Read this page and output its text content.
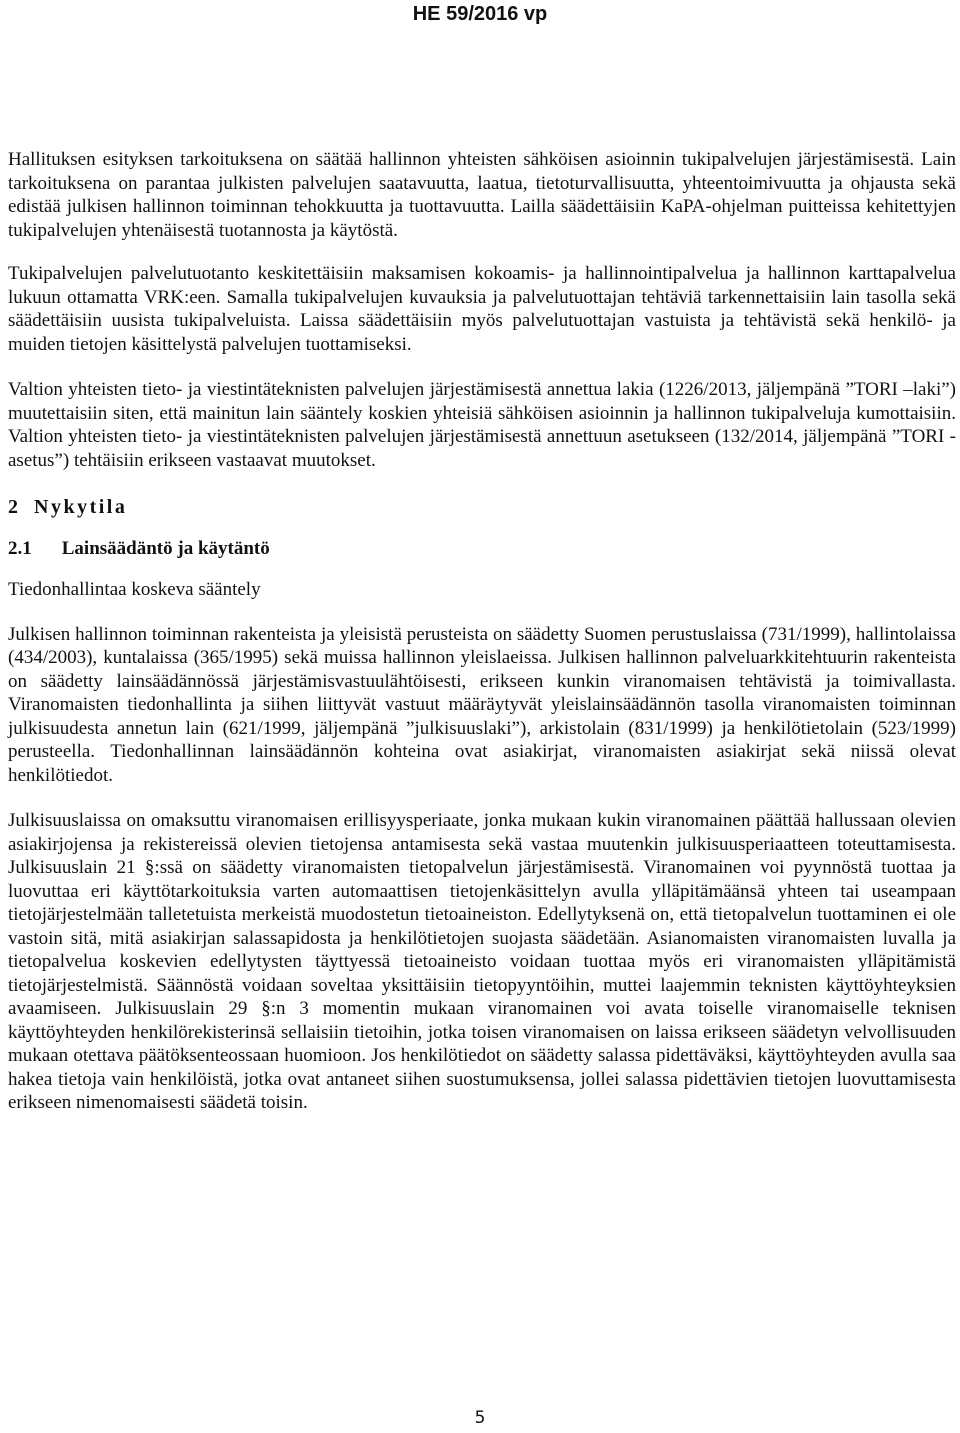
HE 59/2016 vp

Hallituksen esityksen tarkoituksena on säätää hallinnon yhteisten sähköisen asioinnin tukipalvelujen järjestämisestä. Lain tarkoituksena on parantaa julkisten palvelujen saatavuutta, laatua, tietoturvallisuutta, yhteentoimivuutta ja ohjausta sekä edistää julkisen hallinnon toiminnan tehokkuutta ja tuottavuutta. Lailla säädettäisiin KaPA-ohjelman puitteissa kehitettyjen tukipalvelujen yhtenäisestä tuotannosta ja käytöstä.

Tukipalvelujen palvelutuotanto keskitettäisiin maksamisen kokoamis- ja hallinnointipalvelua ja hallinnon karttapalvelua lukuun ottamatta VRK:een. Samalla tukipalvelujen kuvauksia ja palvelutuottajan tehtäviä tarkennettaisiin lain tasolla sekä säädettäisiin uusista tukipalveluista. Laissa säädettäisiin myös palvelutuottajan vastuista ja tehtävistä sekä henkilö- ja muiden tietojen käsittelystä palvelujen tuottamiseksi.

Valtion yhteisten tieto- ja viestintäteknisten palvelujen järjestämisestä annettua lakia (1226/2013, jäljempänä ”TORI –laki”) muutettaisiin siten, että mainitun lain sääntely koskien yhteisiä sähköisen asioinnin ja hallinnon tukipalveluja kumottaisiin. Valtion yhteisten tieto- ja viestintäteknisten palvelujen järjestämisestä annettuun asetukseen (132/2014, jäljempänä ”TORI -asetus”) tehtäisiin erikseen vastaavat muutokset.

2 Nykytila
2.1 Lainsäädäntö ja käytäntö
Tiedonhallintaa koskeva sääntely

Julkisen hallinnon toiminnan rakenteista ja yleisistä perusteista on säädetty Suomen perustuslaissa (731/1999), hallintolaissa (434/2003), kuntalaissa (365/1995) sekä muissa hallinnon yleislaeissa. Julkisen hallinnon palveluarkkitehtuurin rakenteista on säädetty lainsäädännössä järjestämisvastuulähtöisesti, erikseen kunkin viranomaisen tehtävistä ja toimivallasta. Viranomaisten tiedonhallinta ja siihen liittyvät vastuut määräytyvät yleislainsäädännön tasolla viranomaisten toiminnan julkisuudesta annetun lain (621/1999, jäljempänä ”julkisuuslaki”), arkistolain (831/1999) ja henkilötietolain (523/1999) perusteella. Tiedonhallinnan lainsäädännön kohteina ovat asiakirjat, viranomaisten asiakirjat sekä niissä olevat henkilötiedot.

Julkisuuslaissa on omaksuttu viranomaisen erillisyysperiaate, jonka mukaan kukin viranomainen päättää hallussaan olevien asiakirjojensa ja rekistereissä olevien tietojensa antamisesta sekä vastaa muutenkin julkisuusperiaatteen toteuttamisesta. Julkisuuslain 21 §:ssä on säädetty viranomaisten tietopalvelun järjestämisestä. Viranomainen voi pyynnöstä tuottaa ja luovuttaa eri käyttötarkoituksia varten automaattisen tietojenkäsittelyn avulla ylläpitämäänsä yhteen tai useampaan tietojärjestelmään talletetuista merkeistä muodostetun tietoaineiston. Edellytyksenä on, että tietopalvelun tuottaminen ei ole vastoin sitä, mitä asiakirjan salassapidosta ja henkilötietojen suojasta säädetään. Asianomaisten viranomaisten luvalla ja tietopalvelua koskevien edellytysten täyttyessä tietoaineisto voidaan tuottaa myös eri viranomaisten ylläpitämistä tietojärjestelmistä. Säännöstä voidaan soveltaa yksittäisiin tietopyyntöihin, muttei laajemmin teknisten käyttöyhteyksien avaamiseen. Julkisuuslain 29 §:n 3 momentin mukaan viranomainen voi avata toiselle viranomaiselle teknisen käyttöyhteyden henkilörekisterinsä sellaisiin tietoihin, jotka toisen viranomaisen on laissa erikseen säädetyn velvollisuuden mukaan otettava päätöksenteossaan huomioon. Jos henkilötiedot on säädetty salassa pidettäväksi, käyttöyhteyden avulla saa hakea tietoja vain henkilöistä, jotka ovat antaneet siihen suostumuksensa, jollei salassa pidettävien tietojen luovuttamisesta erikseen nimenomaisesti säädetä toisin.

5
